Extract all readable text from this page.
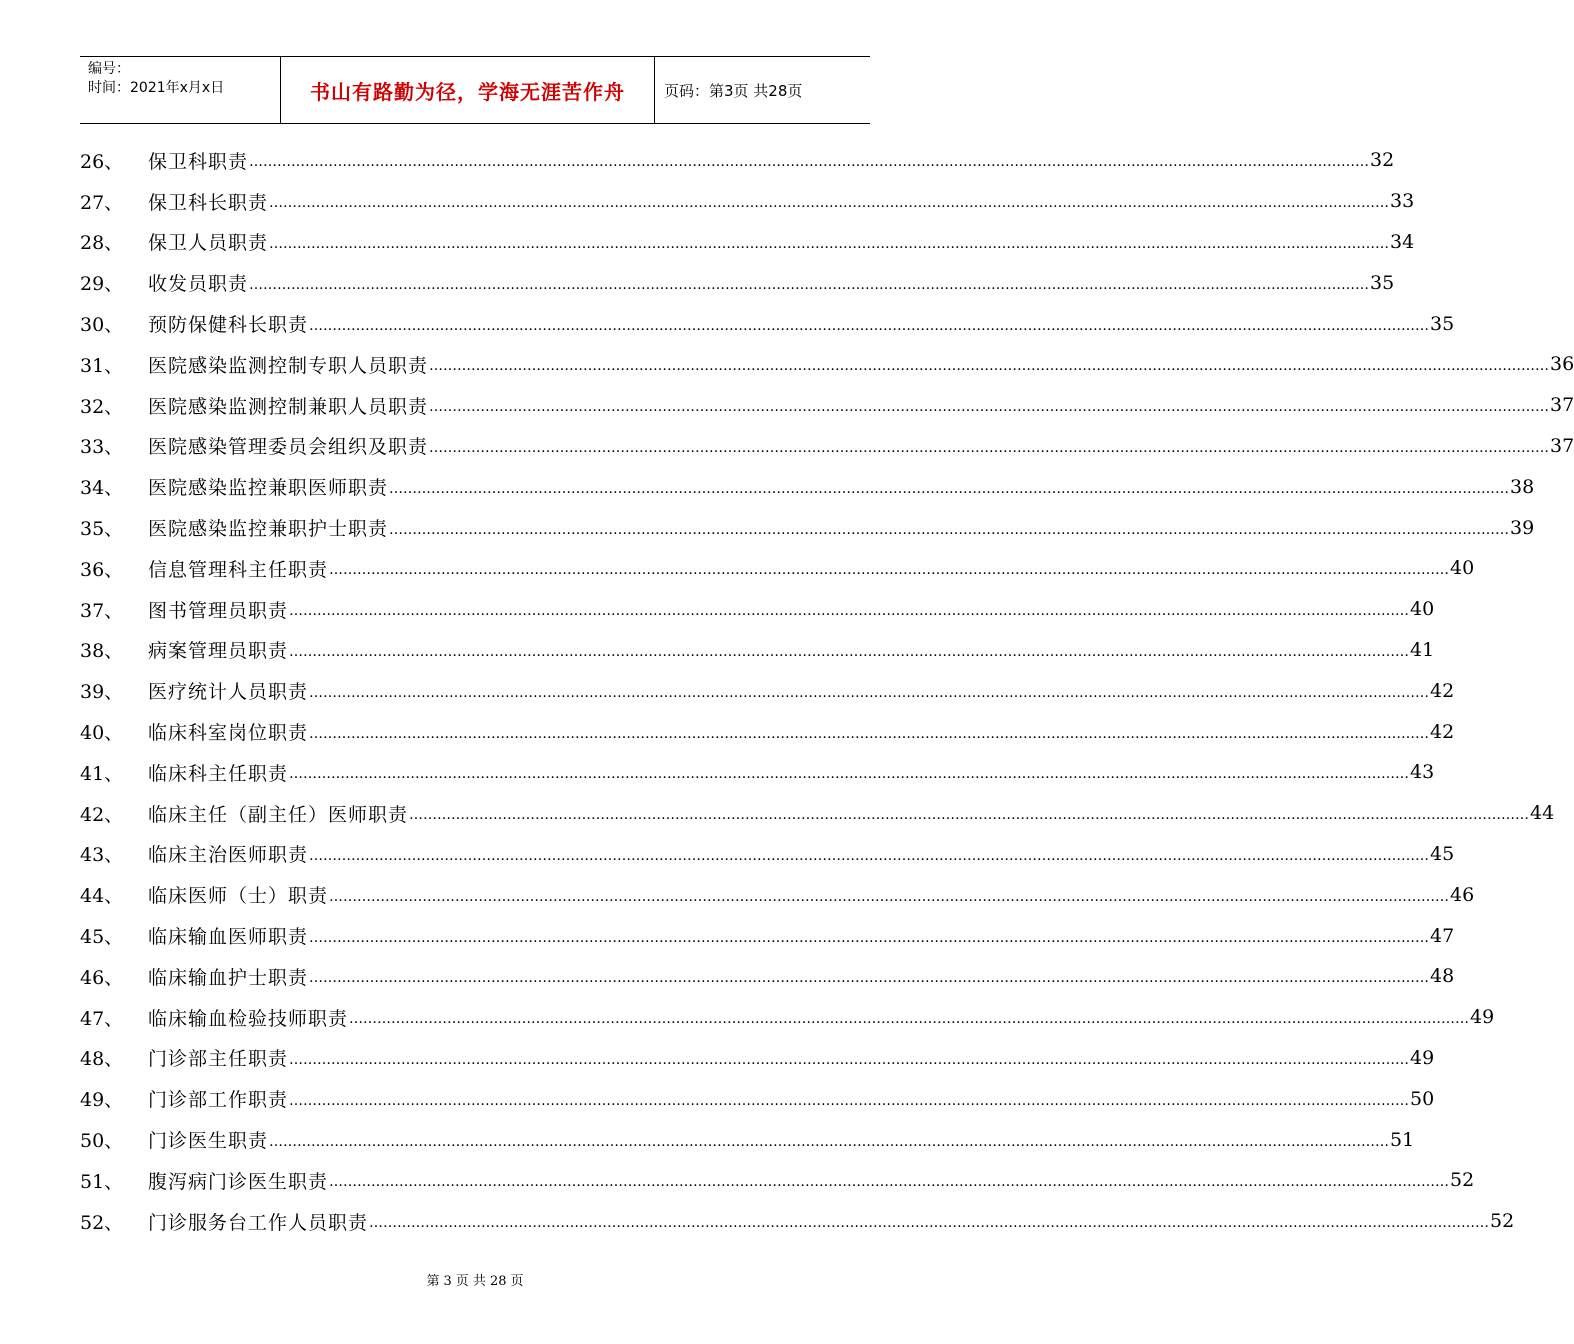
编号：
时间：2021年x月x日	书山有路勤为径，学海无涯苦作舟	页码：第3页 共28页
26、	保卫科职责 …………………………………………………………………………………………………………………………………………………………………………………………………………………… 32
27、	保卫科长职责 …………………………………………………………………………………………………………………………………………………………………………………………………………………… 33
28、	保卫人员职责 …………………………………………………………………………………………………………………………………………………………………………………………………………………… 34
29、	收发员职责 …………………………………………………………………………………………………………………………………………………………………………………………………………………… 35
30、	预防保健科长职责 …………………………………………………………………………………………………………………………………………………………………………………………………………………… 35
31、	医院感染监测控制专职人员职责 …………………………………………………………………………………………………………………………………………………………………………………………………………………… 36
32、	医院感染监测控制兼职人员职责 …………………………………………………………………………………………………………………………………………………………………………………………………………………… 37
33、	医院感染管理委员会组织及职责 …………………………………………………………………………………………………………………………………………………………………………………………………………………… 37
34、	医院感染监控兼职医师职责 …………………………………………………………………………………………………………………………………………………………………………………………………………………… 38
35、	医院感染监控兼职护士职责 …………………………………………………………………………………………………………………………………………………………………………………………………………………… 39
36、	信息管理科主任职责 …………………………………………………………………………………………………………………………………………………………………………………………………………………… 40
37、	图书管理员职责 …………………………………………………………………………………………………………………………………………………………………………………………………………………… 40
38、	病案管理员职责 …………………………………………………………………………………………………………………………………………………………………………………………………………………… 41
39、	医疗统计人员职责 …………………………………………………………………………………………………………………………………………………………………………………………………………………… 42
40、	临床科室岗位职责 …………………………………………………………………………………………………………………………………………………………………………………………………………………… 42
41、	临床科主任职责 …………………………………………………………………………………………………………………………………………………………………………………………………………………… 43
42、	临床主任（副主任）医师职责 …………………………………………………………………………………………………………………………………………………………………………………………………………………… 44
43、	临床主治医师职责 …………………………………………………………………………………………………………………………………………………………………………………………………………………… 45
44、	临床医师（士）职责 …………………………………………………………………………………………………………………………………………………………………………………………………………………… 46
45、	临床输血医师职责 …………………………………………………………………………………………………………………………………………………………………………………………………………………… 47
46、	临床输血护士职责 …………………………………………………………………………………………………………………………………………………………………………………………………………………… 48
47、	临床输血检验技师职责 …………………………………………………………………………………………………………………………………………………………………………………………………………………… 49
48、	门诊部主任职责 …………………………………………………………………………………………………………………………………………………………………………………………………………………… 49
49、	门诊部工作职责 …………………………………………………………………………………………………………………………………………………………………………………………………………………… 50
50、	门诊医生职责 …………………………………………………………………………………………………………………………………………………………………………………………………………………… 51
51、	腹泻病门诊医生职责 …………………………………………………………………………………………………………………………………………………………………………………………………………………… 52
52、	门诊服务台工作人员职责 …………………………………………………………………………………………………………………………………………………………………………………………………………………… 52
第 3 页 共 28 页
